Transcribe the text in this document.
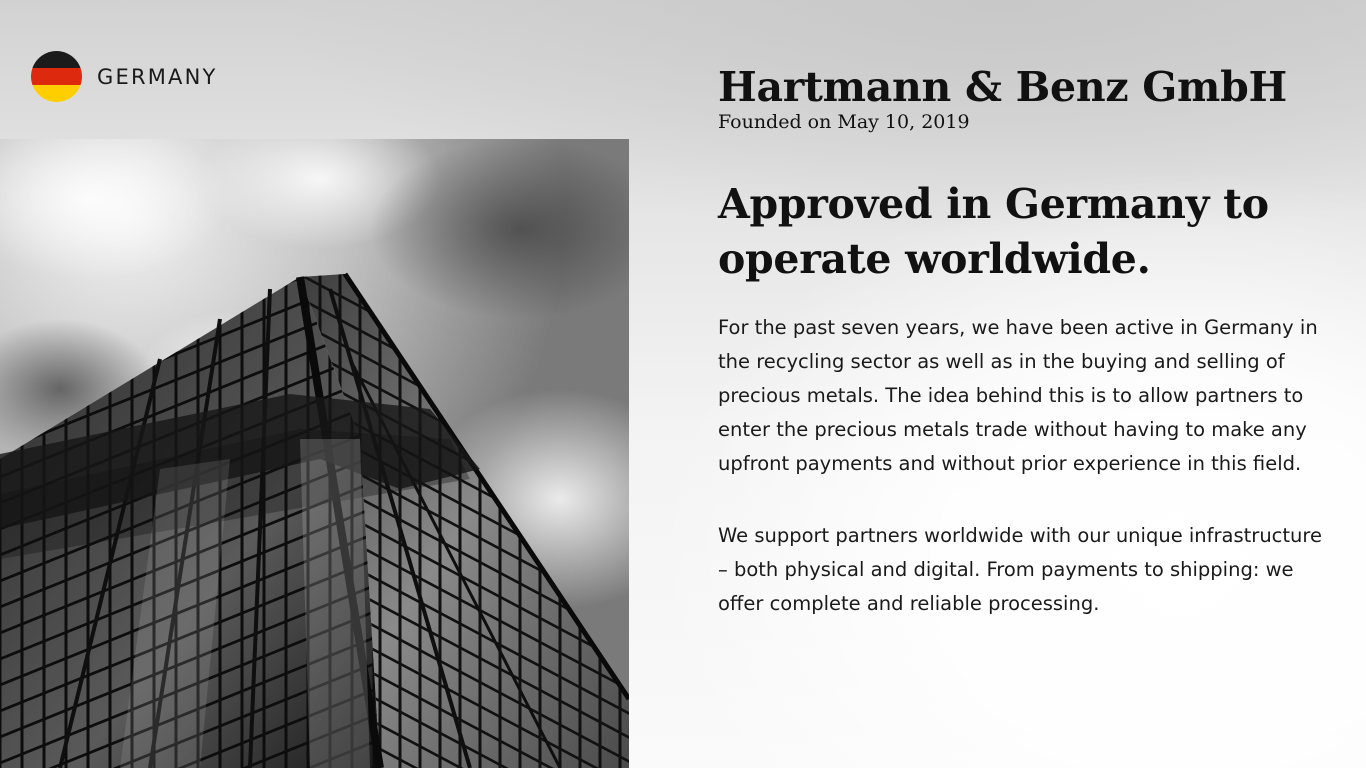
GERMANY	Hartmann & Benz GmbH
Founded on May 10, 2019
Approved in Germany to operate worldwide.

For the past seven years, we have been active in Germany in the recycling sector as well as in the buying and selling of precious metals. The idea behind this is to allow partners to enter the precious metals trade without having to make any upfront payments and without prior experience in this field.

We support partners worldwide with our unique infrastructure – both physical and digital. From payments to shipping: we offer complete and reliable processing.
